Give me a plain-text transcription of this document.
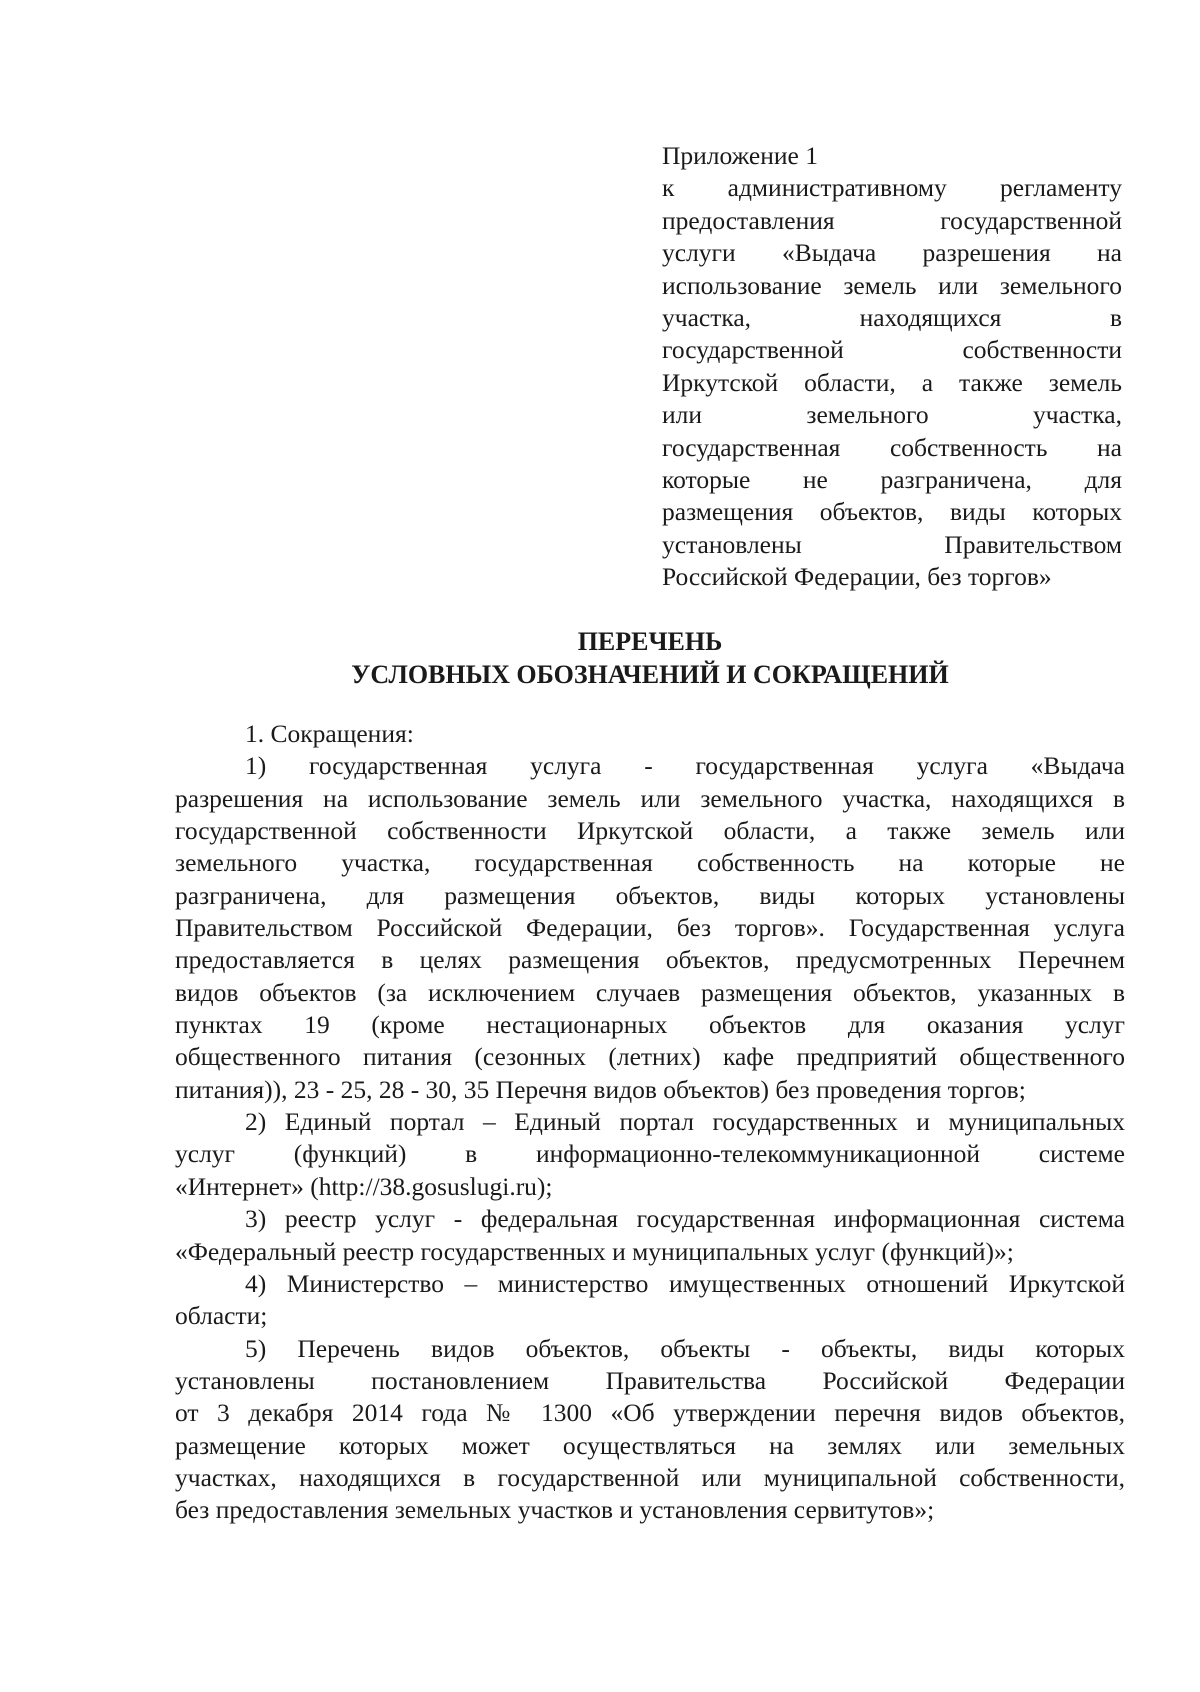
Приложение 1
к административному регламенту
предоставления государственной
услуги «Выдача разрешения на
использование земель или земельного
участка, находящихся в
государственной собственности
Иркутской области, а также земель
или земельного участка,
государственная собственность на
которые не разграничена, для
размещения объектов, виды которых
установлены Правительством
Российской Федерации, без торгов»
ПЕРЕЧЕНЬ
УСЛОВНЫХ ОБОЗНАЧЕНИЙ И СОКРАЩЕНИЙ
1. Сокращения:
1) государственная услуга - государственная услуга «Выдача
разрешения на использование земель или земельного участка, находящихся в
государственной собственности Иркутской области, а также земель или
земельного участка, государственная собственность на которые не
разграничена, для размещения объектов, виды которых установлены
Правительством Российской Федерации, без торгов». Государственная услуга
предоставляется в целях размещения объектов, предусмотренных Перечнем
видов объектов (за исключением случаев размещения объектов, указанных в
пунктах 19 (кроме нестационарных объектов для оказания услуг
общественного питания (сезонных (летних) кафе предприятий общественного
питания)), 23 - 25, 28 - 30, 35 Перечня видов объектов) без проведения торгов;
2) Единый портал – Единый портал государственных и муниципальных
услуг (функций) в информационно-телекоммуникационной системе
«Интернет» (http://38.gosuslugi.ru);
3) реестр услуг - федеральная государственная информационная система
«Федеральный реестр государственных и муниципальных услуг (функций)»;
4) Министерство – министерство имущественных отношений Иркутской
области;
5) Перечень видов объектов, объекты - объекты, виды которых
установлены постановлением Правительства Российской Федерации
от 3 декабря 2014 года № 1300 «Об утверждении перечня видов объектов,
размещение которых может осуществляться на землях или земельных
участках, находящихся в государственной или муниципальной собственности,
без предоставления земельных участков и установления сервитутов»;
